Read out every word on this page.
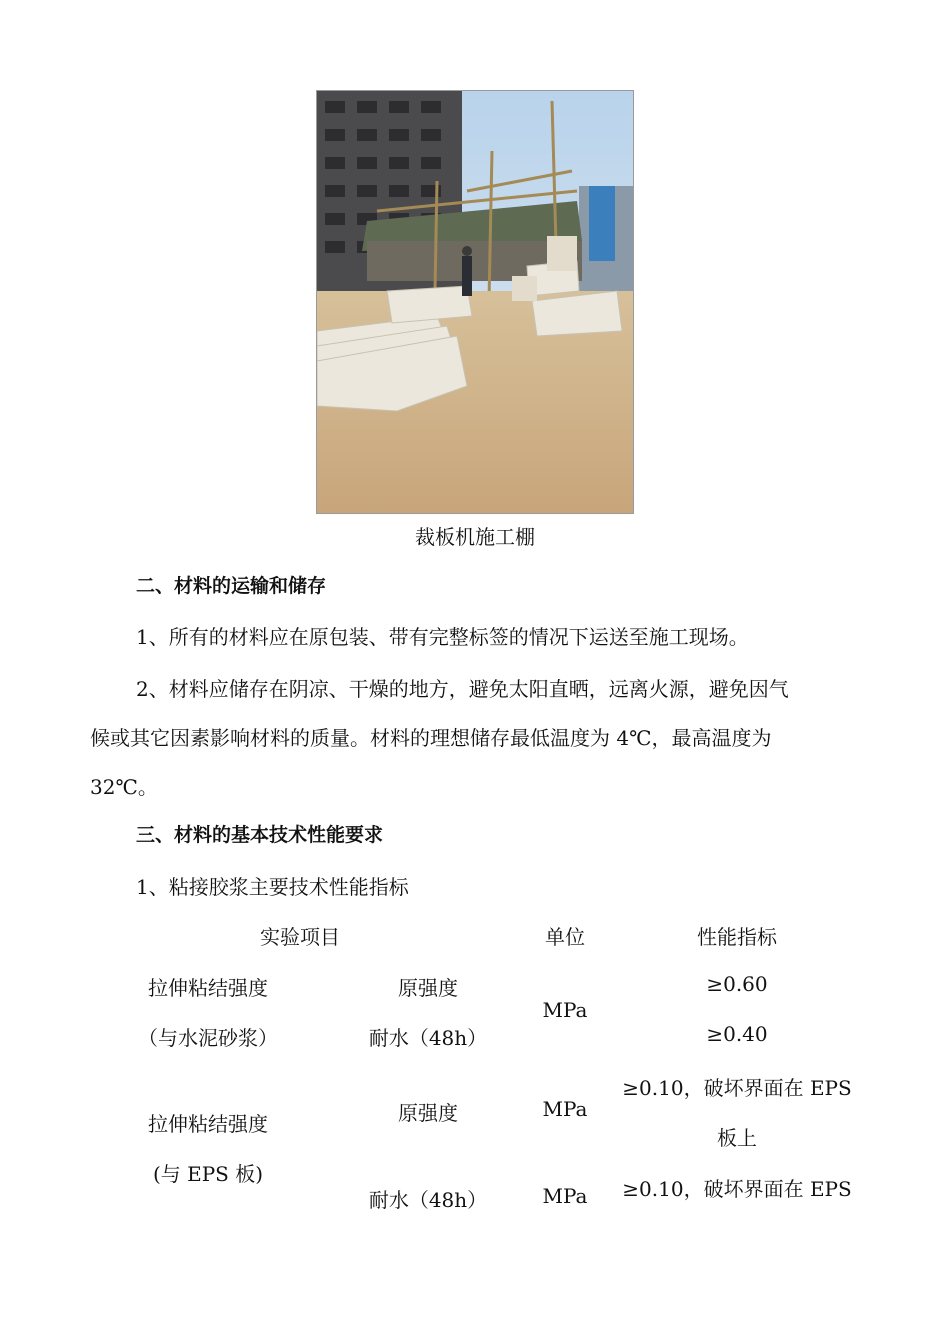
裁板机施工棚
二、材料的运输和储存
1、所有的材料应在原包装、带有完整标签的情况下运送至施工现场。
2、材料应储存在阴凉、干燥的地方，避免太阳直晒，远离火源，避免因气
候或其它因素影响材料的质量。材料的理想储存最低温度为 4℃，最高温度为
32℃。
三、材料的基本技术性能要求
1、粘接胶浆主要技术性能指标
实验项目	单位	性能指标
拉伸粘结强度
（与水泥砂浆）
原强度
耐水（48h）
MPa
≥0.60
≥0.40
拉伸粘结强度
(与 EPS 板)
原强度
耐水（48h）
MPa
MPa
≥0.10，破坏界面在 EPS
板上
≥0.10，破坏界面在 EPS
